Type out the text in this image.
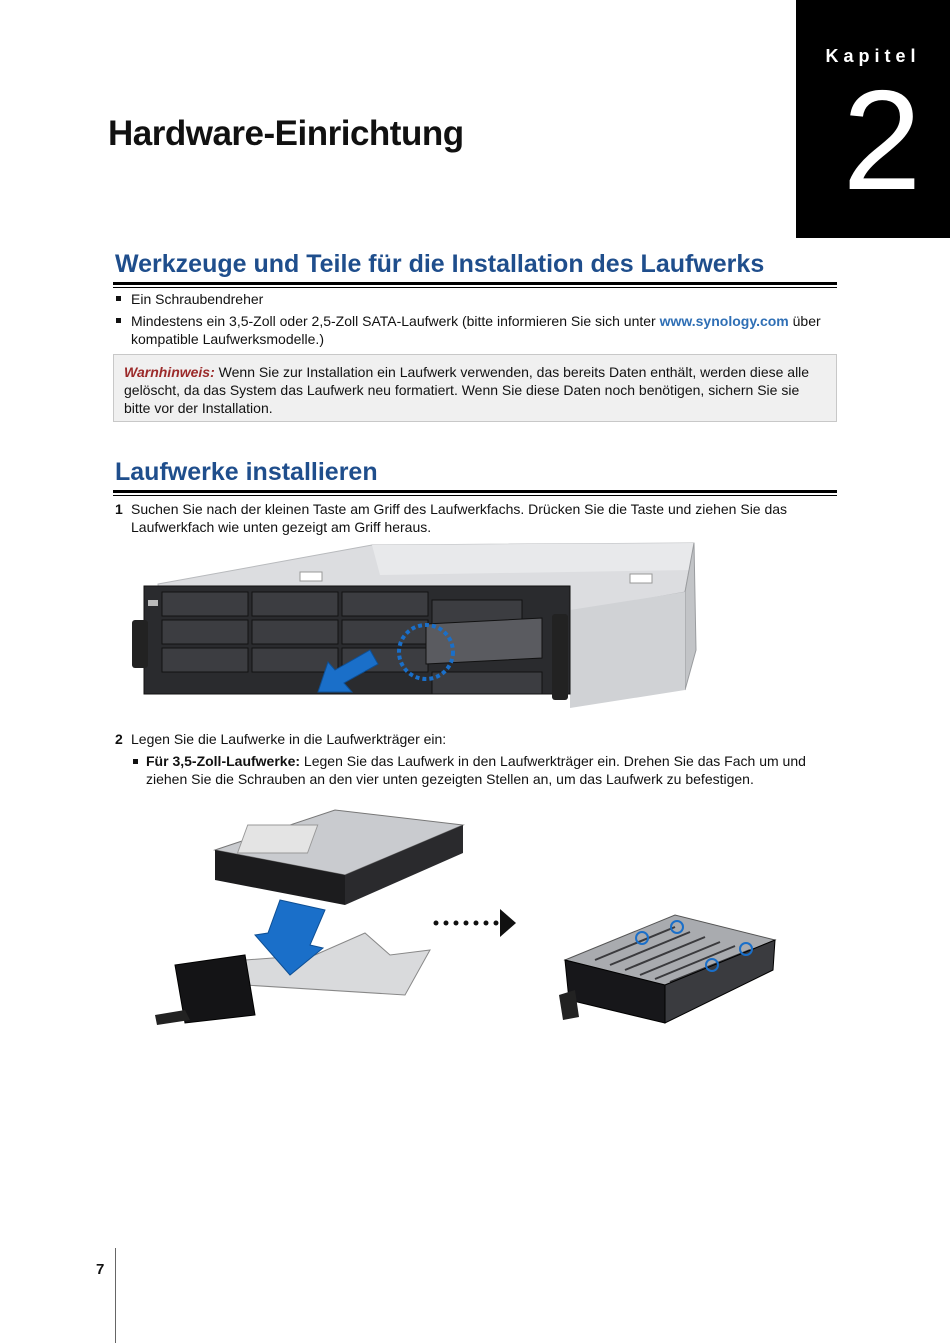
Kapitel
2
Hardware-Einrichtung
Werkzeuge und Teile für die Installation des Laufwerks
Ein Schraubendreher
Mindestens ein 3,5-Zoll oder 2,5-Zoll SATA-Laufwerk (bitte informieren Sie sich unter www.synology.com über kompatible Laufwerksmodelle.)
Warnhinweis: Wenn Sie zur Installation ein Laufwerk verwenden, das bereits Daten enthält, werden diese alle gelöscht, da das System das Laufwerk neu formatiert. Wenn Sie diese Daten noch benötigen, sichern Sie sie bitte vor der Installation.
Laufwerke installieren
1 Suchen Sie nach der kleinen Taste am Griff des Laufwerkfachs. Drücken Sie die Taste und ziehen Sie das Laufwerkfach wie unten gezeigt am Griff heraus.
2 Legen Sie die Laufwerke in die Laufwerkträger ein:
Für 3,5-Zoll-Laufwerke: Legen Sie das Laufwerk in den Laufwerkträger ein. Drehen Sie das Fach um und ziehen Sie die Schrauben an den vier unten gezeigten Stellen an, um das Laufwerk zu befestigen.
7
